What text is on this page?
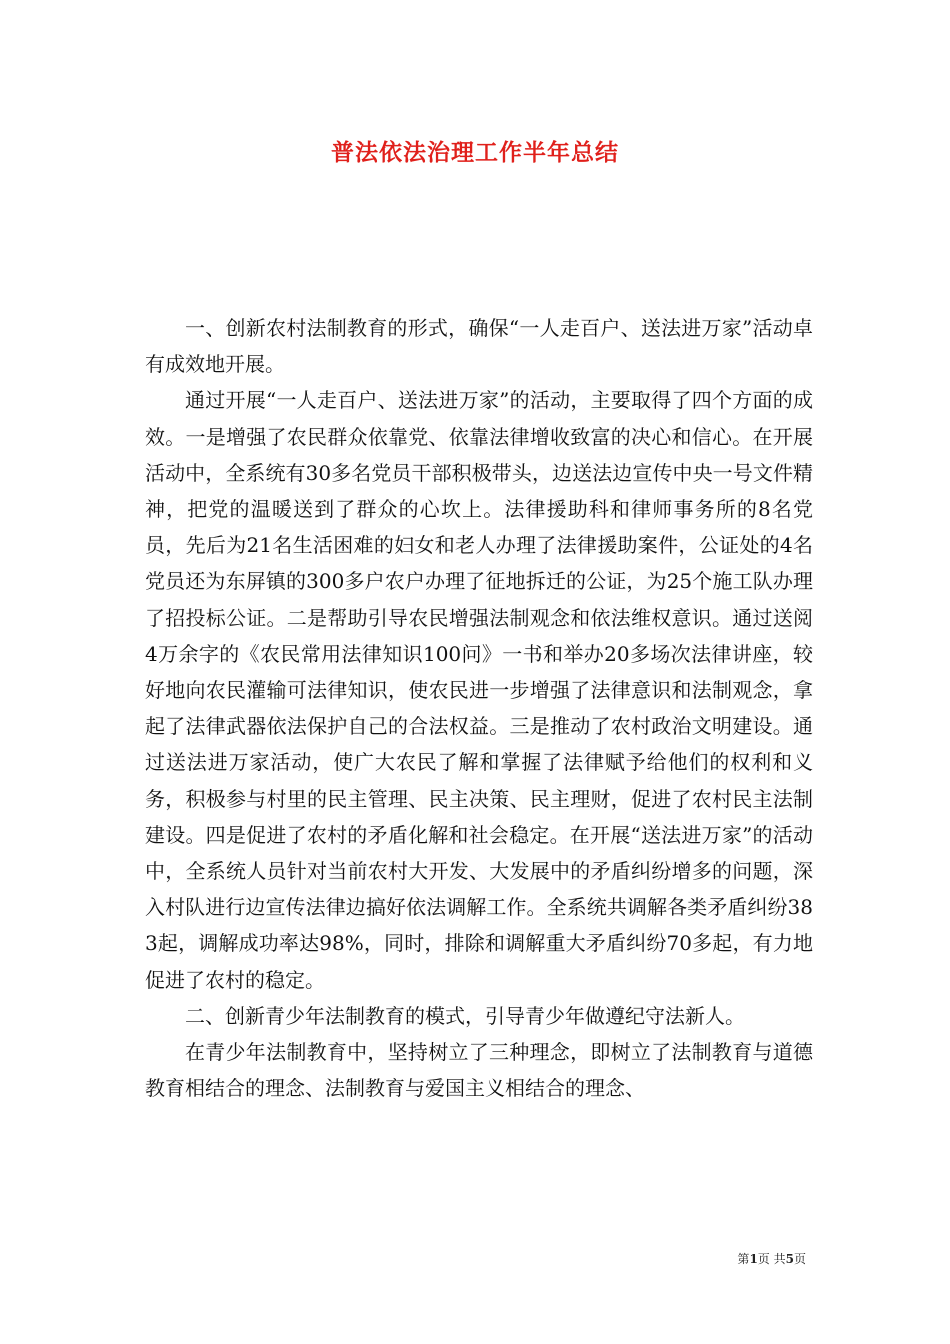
普法依法治理工作半年总结

一、创新农村法制教育的形式，确保“一人走百户、送法进万家”活动卓有成效地开展。

通过开展“一人走百户、送法进万家”的活动，主要取得了四个方面的成效。一是增强了农民群众依靠党、依靠法律增收致富的决心和信心。在开展活动中，全系统有30多名党员干部积极带头，边送法边宣传中央一号文件精神，把党的温暖送到了群众的心坎上。法律援助科和律师事务所的8名党员，先后为21名生活困难的妇女和老人办理了法律援助案件，公证处的4名党员还为东屏镇的300多户农户办理了征地拆迁的公证，为25个施工队办理了招投标公证。二是帮助引导农民增强法制观念和依法维权意识。通过送阅4万余字的《农民常用法律知识100问》一书和举办20多场次法律讲座，较好地向农民灌输可法律知识，使农民进一步增强了法律意识和法制观念，拿起了法律武器依法保护自己的合法权益。三是推动了农村政治文明建设。通过送法进万家活动，使广大农民了解和掌握了法律赋予给他们的权利和义务，积极参与村里的民主管理、民主决策、民主理财，促进了农村民主法制建设。四是促进了农村的矛盾化解和社会稳定。在开展“送法进万家”的活动中，全系统人员针对当前农村大开发、大发展中的矛盾纠纷增多的问题，深入村队进行边宣传法律边搞好依法调解工作。全系统共调解各类矛盾纠纷383起，调解成功率达98%，同时，排除和调解重大矛盾纠纷70多起，有力地促进了农村的稳定。

二、创新青少年法制教育的模式，引导青少年做遵纪守法新人。

在青少年法制教育中，坚持树立了三种理念，即树立了法制教育与道德教育相结合的理念、法制教育与爱国主义相结合的理念、

第1页 共5页
